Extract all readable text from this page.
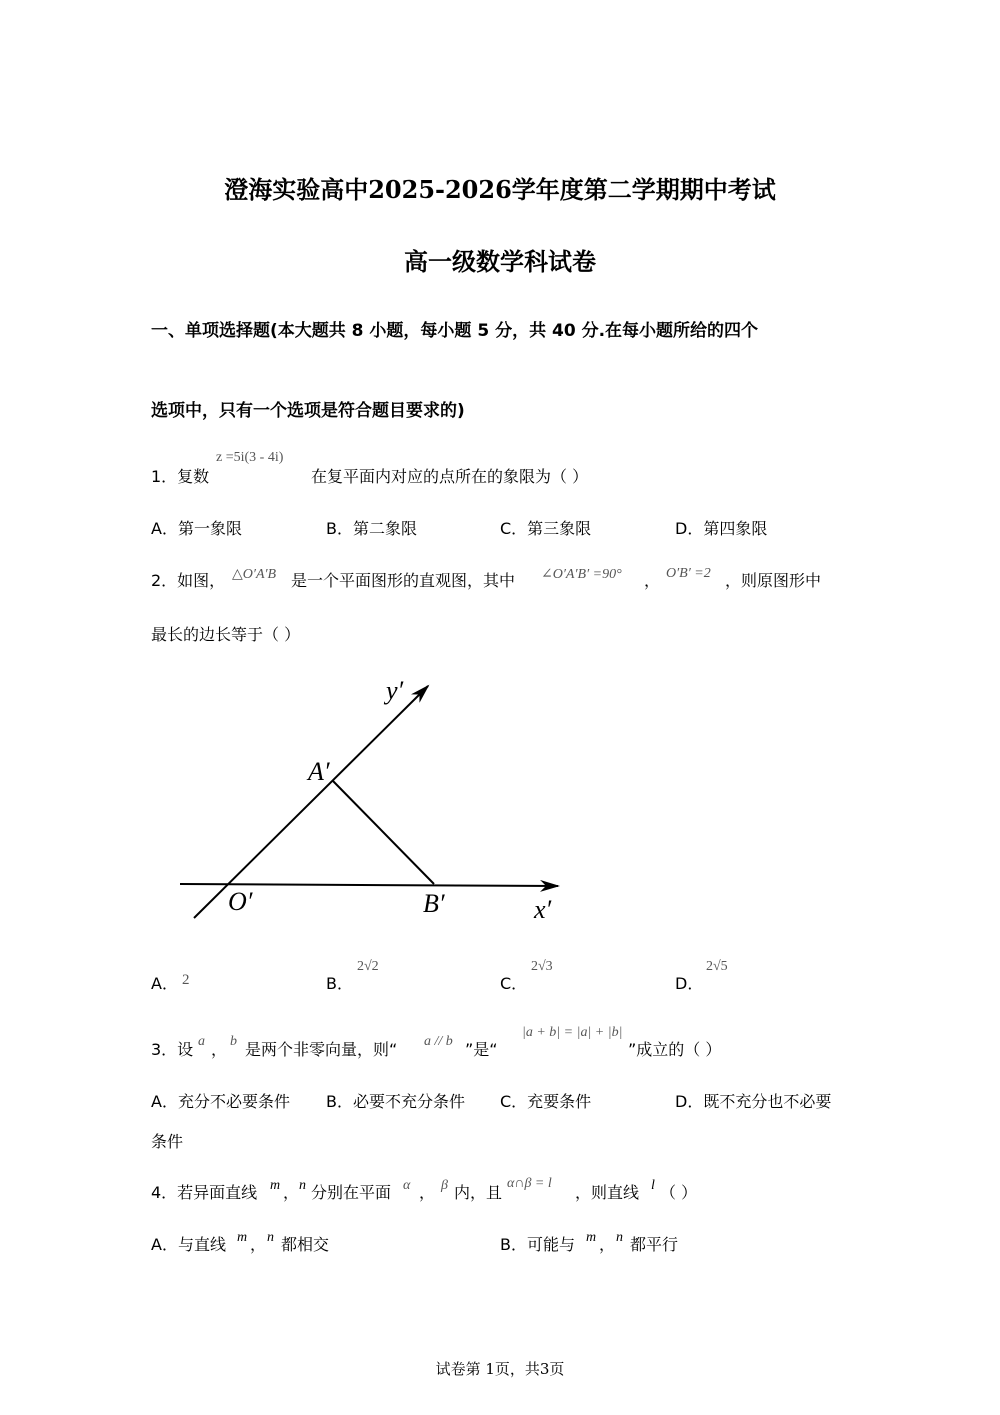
澄海实验高中2025-2026学年度第二学期期中考试
高一级数学科试卷
一、单项选择题(本大题共 8 小题，每小题 5 分，共 40 分.在每小题所给的四个
选项中，只有一个选项是符合题目要求的)
1．复数
z =5i(3 - 4i)
在复平面内对应的点所在的象限为（ ）
A．第一象限	B．第二象限	C．第三象限	D．第四象限
2．如图， △O′A′B 是一个平面图形的直观图，其中 ∠O′A′B′ =90° ， O′B′ =2 ，则原图形中
最长的边长等于（ ）
y′
A′
O′	B′	x′
A． 2	B．
2√2
C．
2√3
D．
2√5
3．设 a ， b 是两个非零向量，则“ a // b ”是“
|a + b| = |a| + |b|
”成立的（ ）
A．充分不必要条件 B．必要不充分条件 C．充要条件	D．既不充分也不必要
条件
4．若异面直线 m ， n 分别在平面 α ， β 内，且 α∩β = l ，则直线 l （ ）
A．与直线 m ， n 都相交	B．可能与 m ， n 都平行
试卷第 1页，共3页
